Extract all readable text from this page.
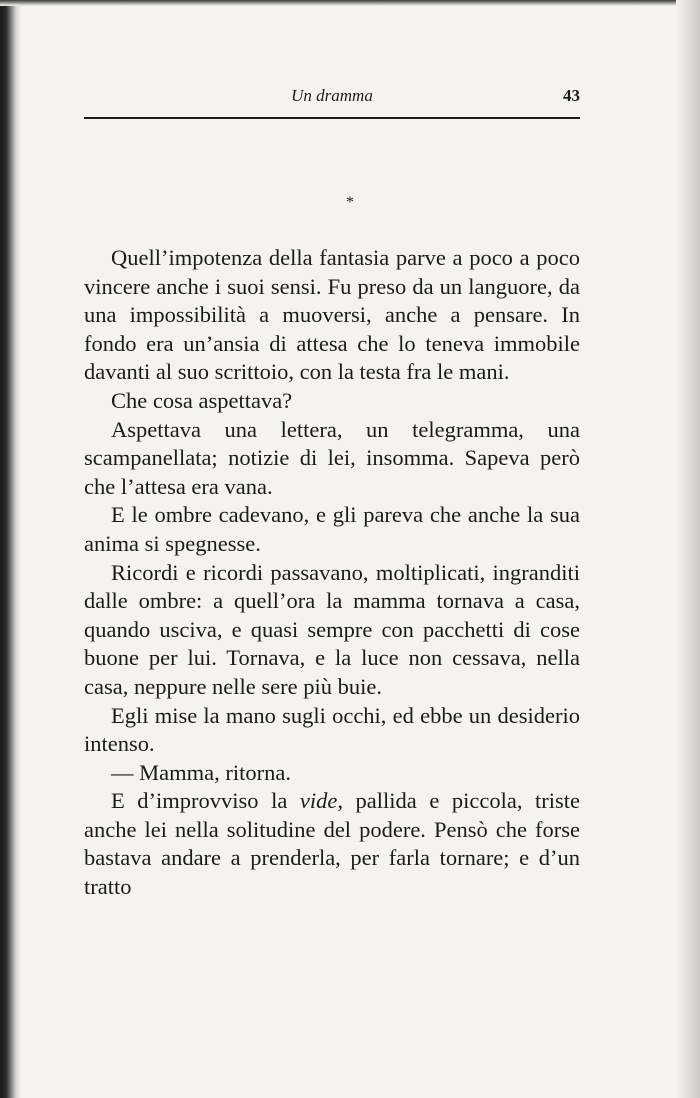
Un dramma	43
*

Quell’impotenza della fantasia parve a poco a poco vincere anche i suoi sensi. Fu preso da un languore, da una impossibilità a muoversi, anche a pensare. In fondo era un’ansia di attesa che lo teneva immobile davanti al suo scrittoio, con la testa fra le mani.

Che cosa aspettava?

Aspettava una lettera, un telegramma, una scampanellata; notizie di lei, insomma. Sapeva però che l’attesa era vana.

E le ombre cadevano, e gli pareva che anche la sua anima si spegnesse.

Ricordi e ricordi passavano, moltiplicati, ingranditi dalle ombre: a quell’ora la mamma tornava a casa, quando usciva, e quasi sempre con pacchetti di cose buone per lui. Tornava, e la luce non cessava, nella casa, neppure nelle sere più buie.

Egli mise la mano sugli occhi, ed ebbe un desiderio intenso.

— Mamma, ritorna.

E d’improvviso la vide, pallida e piccola, triste anche lei nella solitudine del podere. Pensò che forse bastava andare a prenderla, per farla tornare; e d’un tratto
